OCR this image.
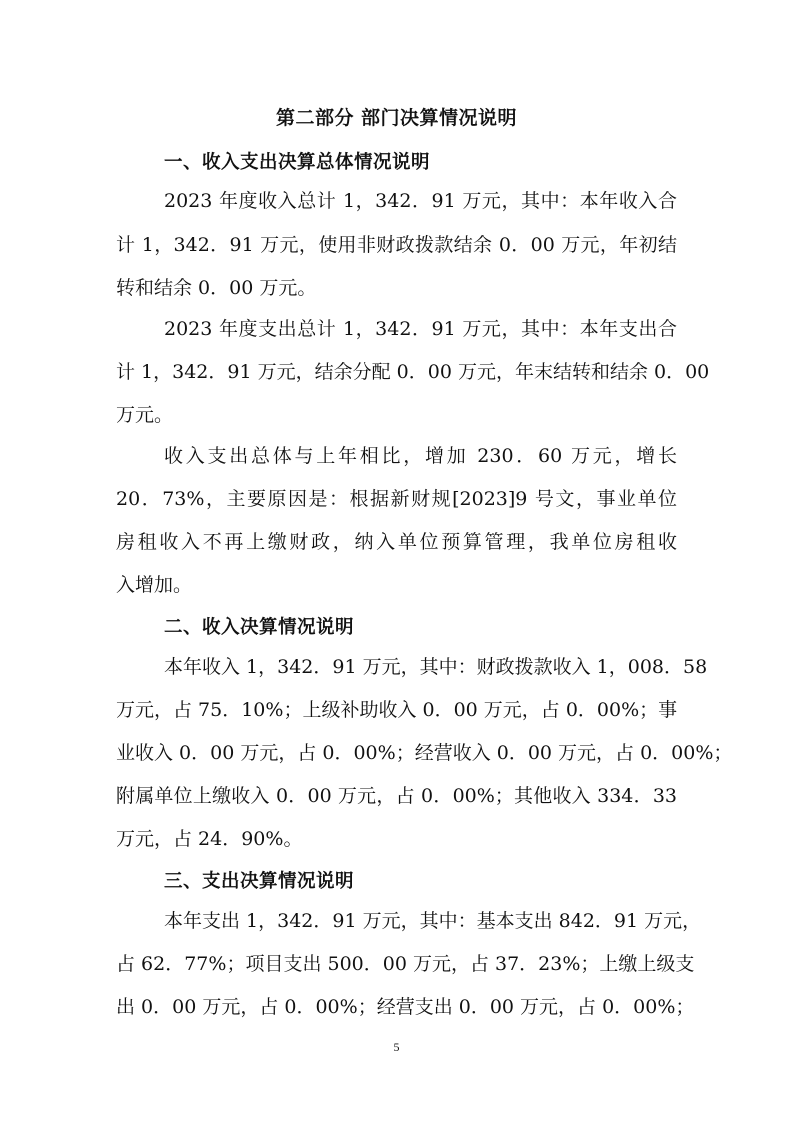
第二部分 部门决算情况说明
一、收入支出决算总体情况说明

2023 年度收入总计 1，342．91 万元，其中：本年收入合

计 1，342．91 万元，使用非财政拨款结余 0．00 万元，年初结

转和结余 0．00 万元。

2023 年度支出总计 1，342．91 万元，其中：本年支出合

计 1，342．91 万元，结余分配 0．00 万元，年末结转和结余 0．00

万元。

收入支出总体与上年相比，增加 230．60 万元，增长

20．73%，主要原因是：根据新财规[2023]9 号文，事业单位

房租收入不再上缴财政，纳入单位预算管理，我单位房租收

入增加。

二、收入决算情况说明

本年收入 1，342．91 万元，其中：财政拨款收入 1，008．58

万元，占 75．10%；上级补助收入 0．00 万元，占 0．00%；事

业收入 0．00 万元，占 0．00%；经营收入 0．00 万元，占 0．00%；

附属单位上缴收入 0．00 万元，占 0．00%；其他收入 334．33

万元，占 24．90%。

三、支出决算情况说明

本年支出 1，342．91 万元，其中：基本支出 842．91 万元，

占 62．77%；项目支出 500．00 万元，占 37．23%；上缴上级支

出 0．00 万元，占 0．00%；经营支出 0．00 万元，占 0．00%；

5
